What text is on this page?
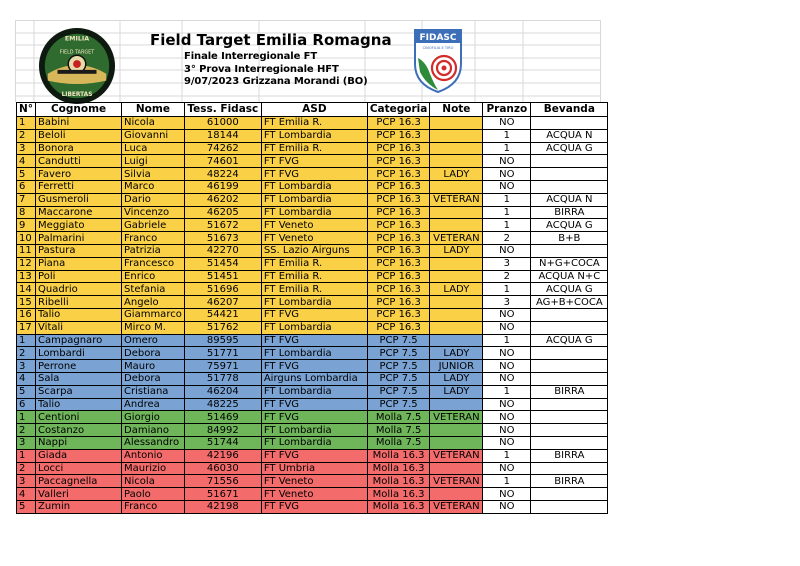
EMILIA
FIELD TARGET
LIBERTAS
Field Target Emilia Romagna
Finale Interregionale FT
3° Prova Interregionale HFT
9/07/2023 Grizzana Morandi (BO)
FIDASC
CINOFILIA E TIRO
N°	Cognome	Nome	Tess. Fidasc	ASD	Categoria	Note	Pranzo	Bevanda
1	Babini	Nicola	61000	FT Emilia R.	PCP 16.3		NO	
2	Beloli	Giovanni	18144	FT Lombardia	PCP 16.3		1	ACQUA N
3	Bonora	Luca	74262	FT Emilia R.	PCP 16.3		1	ACQUA G
4	Candutti	Luigi	74601	FT FVG	PCP 16.3		NO	
5	Favero	Silvia	48224	FT FVG	PCP 16.3	LADY	NO	
6	Ferretti	Marco	46199	FT Lombardia	PCP 16.3		NO	
7	Gusmeroli	Dario	46202	FT Lombardia	PCP 16.3	VETERAN	1	ACQUA N
8	Maccarone	Vincenzo	46205	FT Lombardia	PCP 16.3		1	BIRRA
9	Meggiato	Gabriele	51672	FT Veneto	PCP 16.3		1	ACQUA G
10	Palmarini	Franco	51673	FT Veneto	PCP 16.3	VETERAN	2	B+B
11	Pastura	Patrizia	42270	SS. Lazio Airguns	PCP 16.3	LADY	NO	
12	Piana	Francesco	51454	FT Emilia R.	PCP 16.3		3	N+G+COCA
13	Poli	Enrico	51451	FT Emilia R.	PCP 16.3		2	ACQUA N+C
14	Quadrio	Stefania	51696	FT Emilia R.	PCP 16.3	LADY	1	ACQUA G
15	Ribelli	Angelo	46207	FT Lombardia	PCP 16.3		3	AG+B+COCA
16	Talio	Giammarco	54421	FT FVG	PCP 16.3		NO	
17	Vitali	Mirco M.	51762	FT Lombardia	PCP 16.3		NO	
1	Campagnaro	Omero	89595	FT FVG	PCP 7.5		1	ACQUA G
2	Lombardi	Debora	51771	FT Lombardia	PCP 7.5	LADY	NO	
3	Perrone	Mauro	75971	FT FVG	PCP 7.5	JUNIOR	NO	
4	Sala	Debora	51778	Airguns Lombardia	PCP 7.5	LADY	NO	
5	Scarpa	Cristiana	46204	FT Lombardia	PCP 7.5	LADY	1	BIRRA
6	Talio	Andrea	48225	FT FVG	PCP 7.5		NO	
1	Centioni	Giorgio	51469	FT FVG	Molla 7.5	VETERAN	NO	
2	Costanzo	Damiano	84992	FT Lombardia	Molla 7.5		NO	
3	Nappi	Alessandro	51744	FT Lombardia	Molla 7.5		NO	
1	Giada	Antonio	42196	FT FVG	Molla 16.3	VETERAN	1	BIRRA
2	Locci	Maurizio	46030	FT Umbria	Molla 16.3		NO	
3	Paccagnella	Nicola	71556	FT Veneto	Molla 16.3	VETERAN	1	BIRRA
4	Valleri	Paolo	51671	FT Veneto	Molla 16.3		NO	
5	Zumin	Franco	42198	FT FVG	Molla 16.3	VETERAN	NO	
